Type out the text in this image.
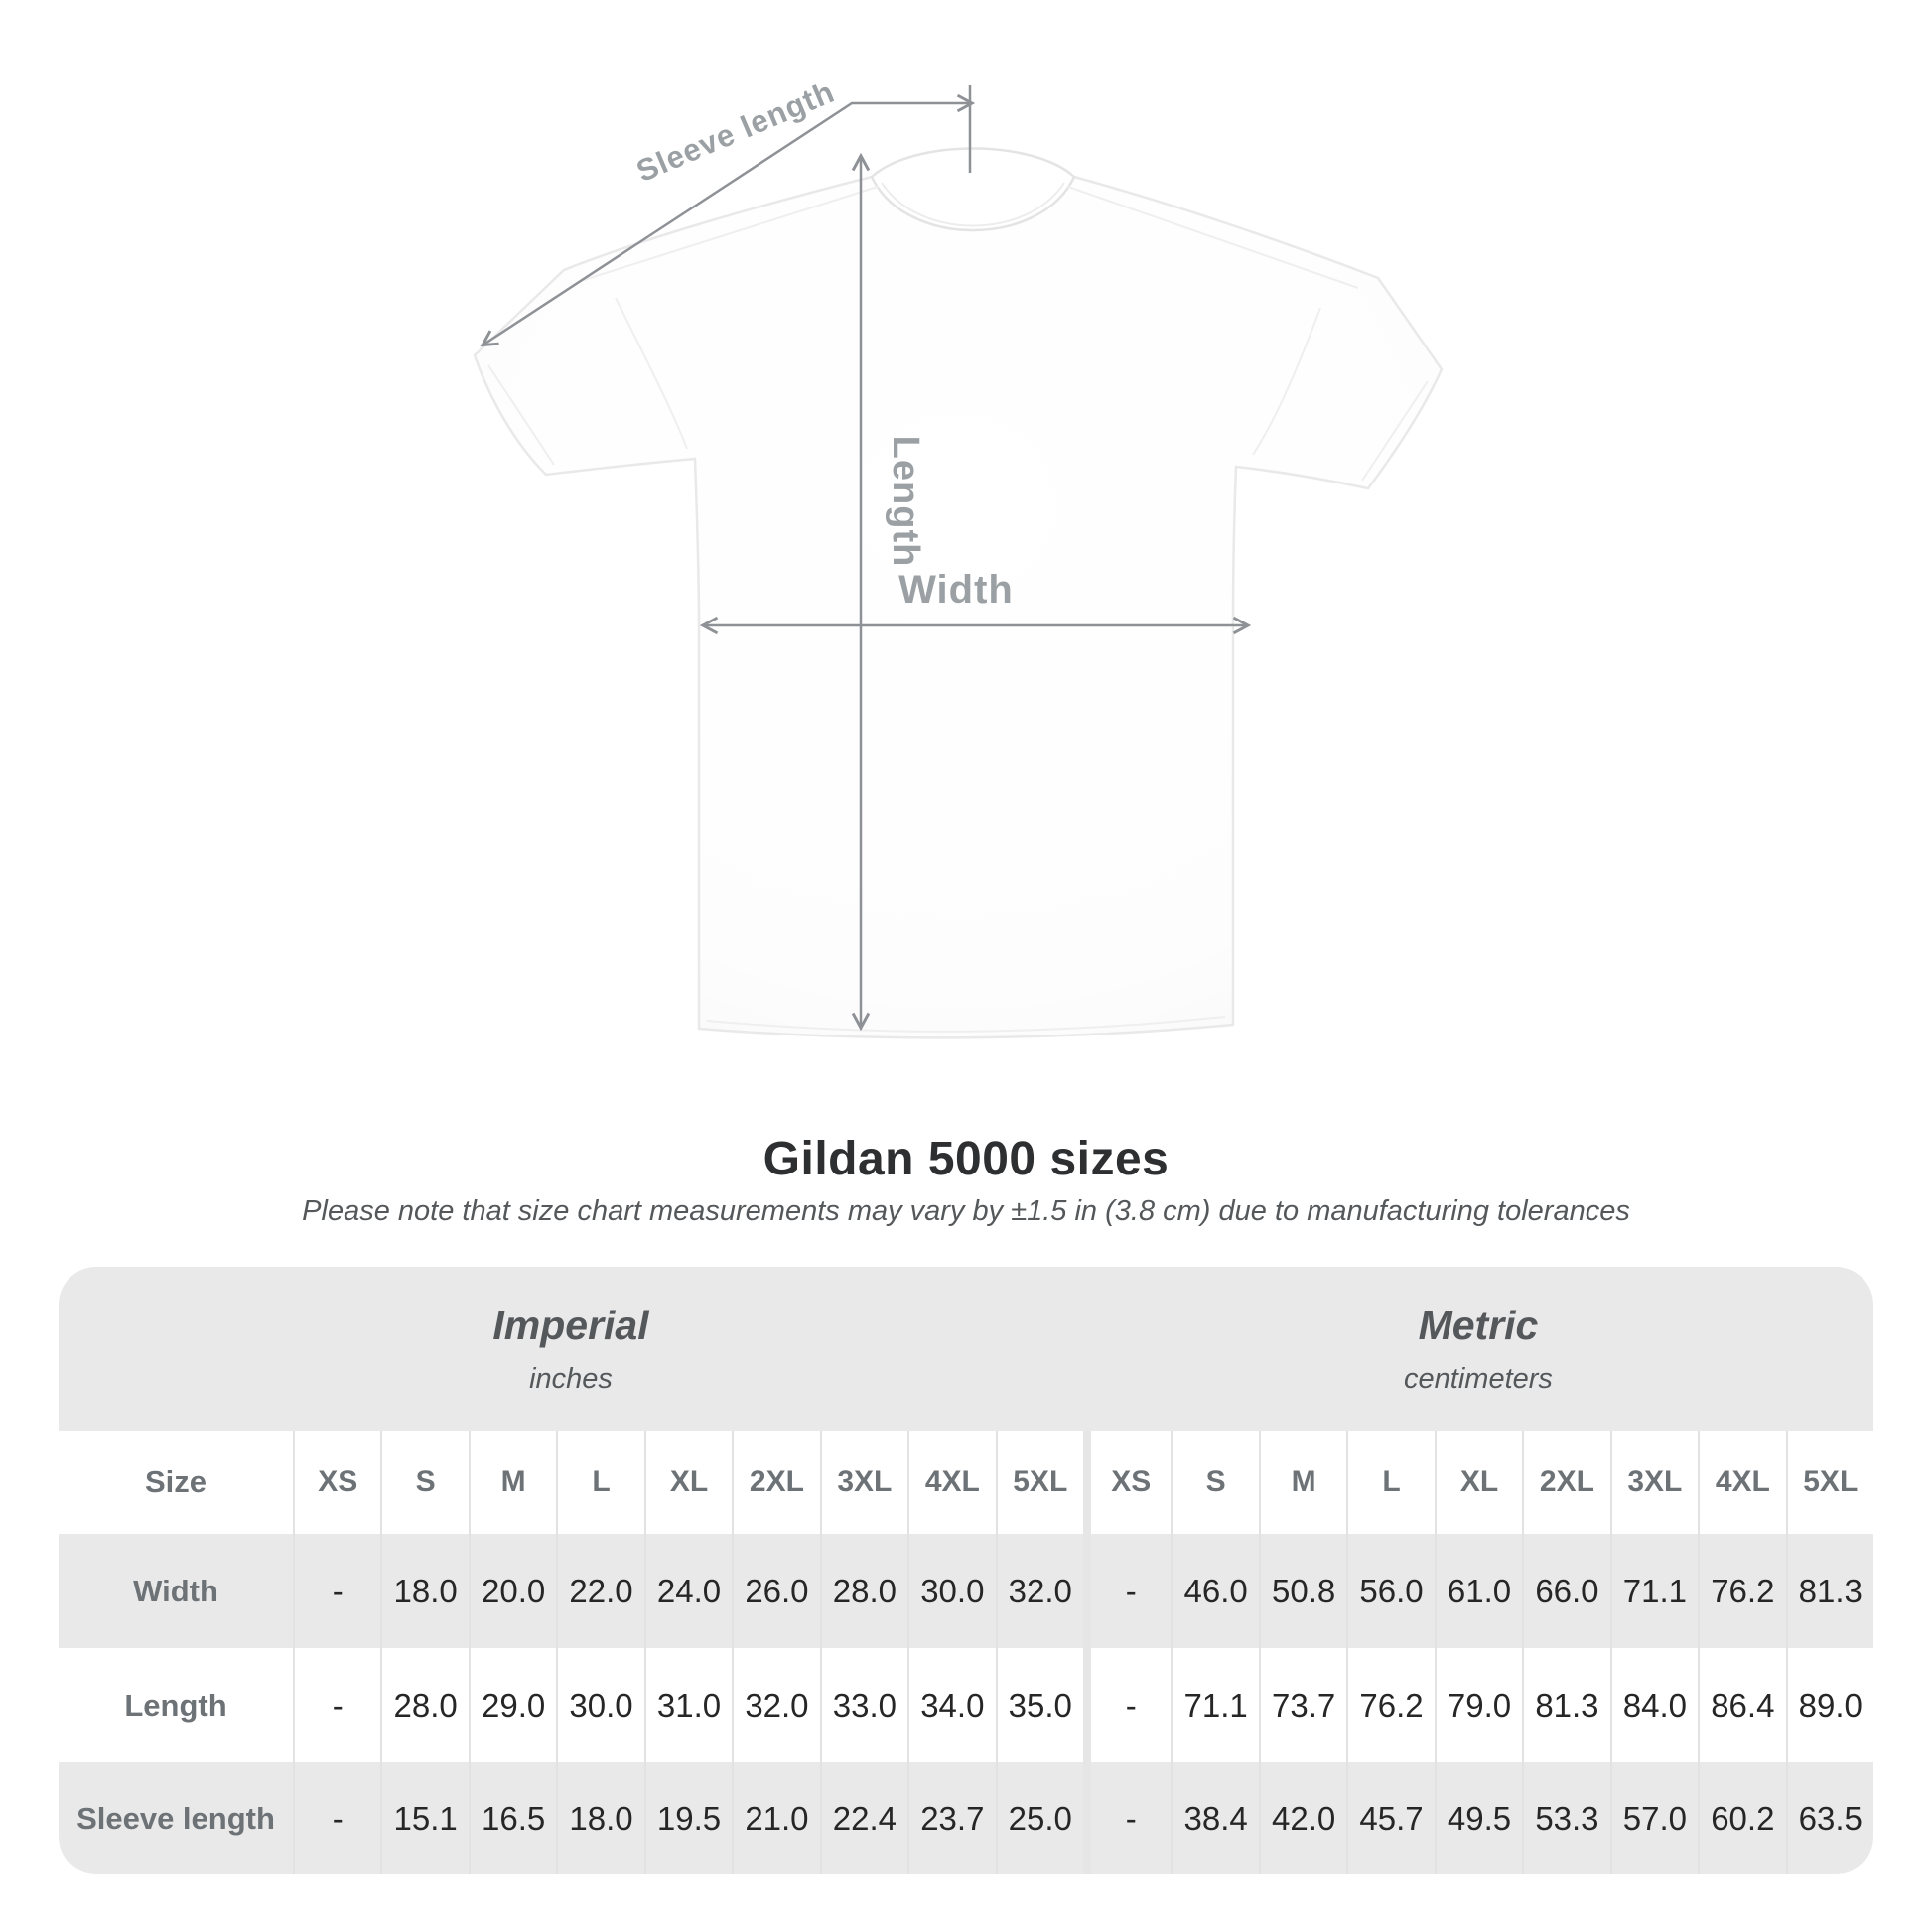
Sleeve length
Length
Width
Gildan 5000 sizes
Please note that size chart measurements may vary by ±1.5 in (3.8 cm) due to manufacturing tolerances
Imperial
inches
Metric
centimeters
Size	XS	S	M	L	XL	2XL	3XL	4XL	5XL	XS	S	M	L	XL	2XL	3XL	4XL	5XL
Width	-	18.0 20.0 22.0 24.0 26.0 28.0 30.0 32.0	-	46.0 50.8 56.0 61.0 66.0 71.1 76.2 81.3
Length	-	28.0 29.0 30.0 31.0 32.0 33.0 34.0 35.0	-	71.1 73.7 76.2 79.0 81.3 84.0 86.4 89.0
Sleeve length	-	15.1 16.5 18.0 19.5 21.0 22.4 23.7 25.0	-	38.4 42.0 45.7 49.5 53.3 57.0 60.2 63.5
